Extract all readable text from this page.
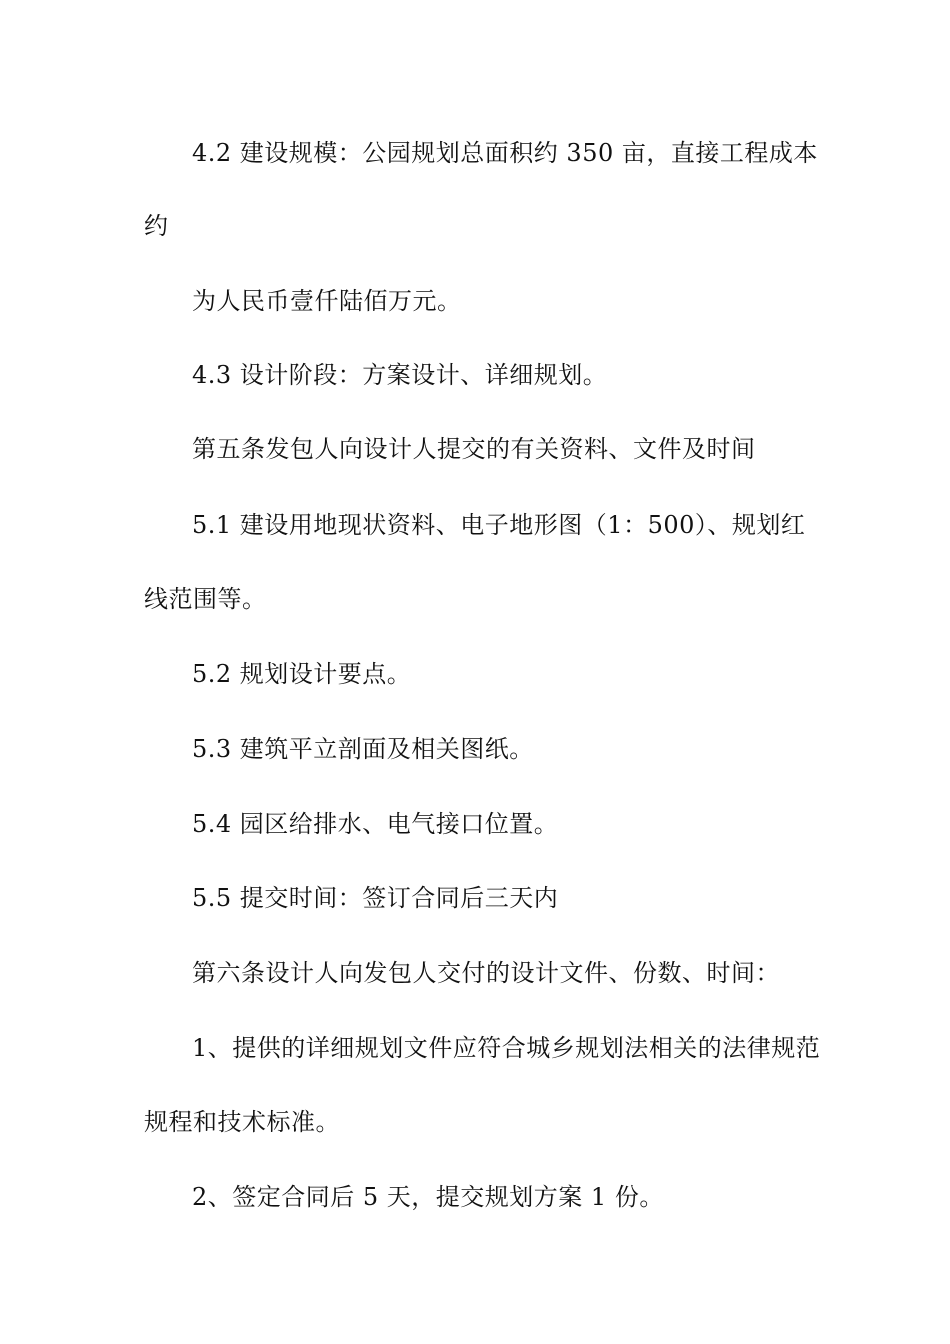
4.2 建设规模：公园规划总面积约 350 亩，直接工程成本
约
为人民币壹仟陆佰万元。
4.3 设计阶段：方案设计、详细规划。
第五条发包人向设计人提交的有关资料、文件及时间
5.1 建设用地现状资料、电子地形图（1：500）、规划红
线范围等。
5.2 规划设计要点。
5.3 建筑平立剖面及相关图纸。
5.4 园区给排水、电气接口位置。
5.5 提交时间：签订合同后三天内
第六条设计人向发包人交付的设计文件、份数、时间：
1、提供的详细规划文件应符合城乡规划法相关的法律规范
规程和技术标准。
2、签定合同后 5 天，提交规划方案 1 份。
